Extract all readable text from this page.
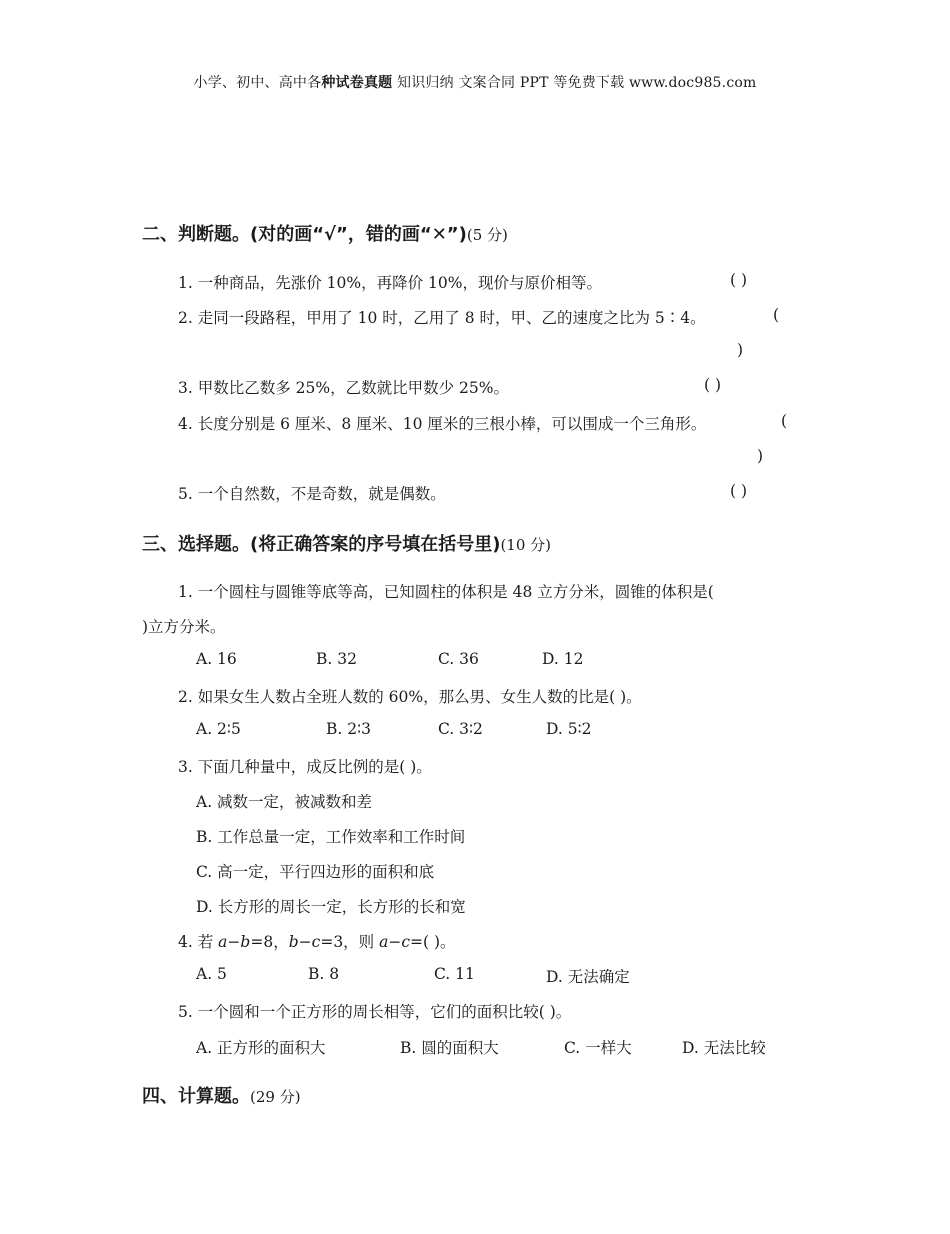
小学、初中、高中各种试卷真题 知识归纳 文案合同 PPT 等免费下载 www.doc985.com
二、判断题。(对的画“√”，错的画“✕”)(5 分)
1. 一种商品，先涨价 10%，再降价 10%，现价与原价相等。	( )
2. 走同一段路程，甲用了 10 时，乙用了 8 时，甲、乙的速度之比为 5∶4。	(
)
3. 甲数比乙数多 25%，乙数就比甲数少 25%。	( )
4. 长度分别是 6 厘米、8 厘米、10 厘米的三根小棒，可以围成一个三角形。	(
)
5. 一个自然数，不是奇数，就是偶数。	( )
三、选择题。(将正确答案的序号填在括号里)(10 分)
1. 一个圆柱与圆锥等底等高，已知圆柱的体积是 48 立方分米，圆锥的体积是(
)立方分米。
A. 16	B. 32	C. 36	D. 12
2. 如果女生人数占全班人数的 60%，那么男、女生人数的比是( )。
A. 2∶5	B. 2∶3	C. 3∶2	D. 5∶2
3. 下面几种量中，成反比例的是( )。
A. 减数一定，被减数和差
B. 工作总量一定，工作效率和工作时间
C. 高一定，平行四边形的面积和底
D. 长方形的周长一定，长方形的长和宽
4. 若 a−b=8，b−c=3，则 a−c=( )。
A. 5	B. 8	C. 11	D. 无法确定
5. 一个圆和一个正方形的周长相等，它们的面积比较( )。
A. 正方形的面积大	B. 圆的面积大	C. 一样大	D. 无法比较
四、计算题。(29 分)
